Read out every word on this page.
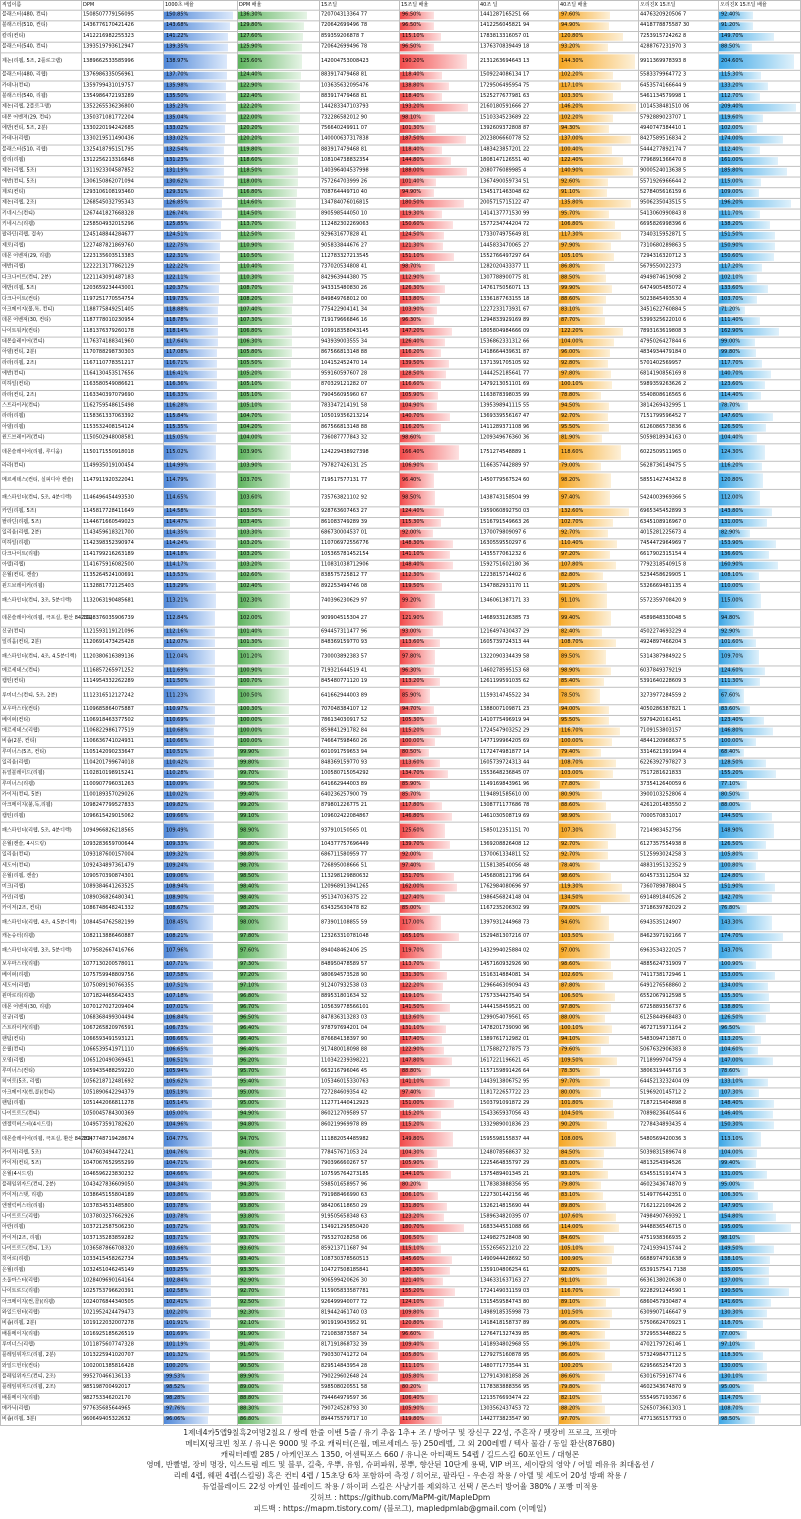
직업이름	DPM	1000초 배율	DPM 배율	15조딜	15조딜 배율	40조 딜	40조딜 배율	오리진X 15조딜	오리진X 15조딜 배율
블래스터(480, 컨티)	1508507779156095	150.85%	136.30%	720704313364 77	96.50%	1441287165251 66	97.60%	4476320920506 7	92.40%
블래스터(510, 컨티)	1436776170421426	143.68%	129.80%	720642699496 78	96.50%	1412256045821 94	94.90%	4418778875587 30	91.20%
칼리(컨티)	1412216982255323	141.22%	127.60%	859359206878 7	115.10%	1783813316057 01	120.80%	7253915724262 8	149.70%
블래스터(540, 컨티)	1393519793612947	139.35%	125.90%	720642699496 78	96.50%	1376370839449 18	93.20%	4288767231970 3	88.50%
제논(리웹, 5조, 2플로그램)	1389662533585996	138.97%	125.60%	142004753008423	190.20%	2131263694643 13	144.30%	9911369978393 8	204.60%
블래스터(480, 리웹)	1376986335056961	137.70%	124.40%	883917479468 81	118.40%	1509224086134 17	102.20%	5583379964772 3	115.30%
카데나(컨티)	1359799431019757	135.98%	122.90%	103635632095476	138.80%	1729506495954 75	117.10%	6453574166644 9	133.20%
블래스터(540, 리웹)	1354986472193289	135.50%	122.40%	883917479468 81	118.40%	1525277677981 63	103.30%	5461134579998 1	112.70%
제논(리웹, 2플로그램)	1352265536236800	135.23%	122.20%	144283347103793	193.20%	2160180591666 27	146.20%	1014538481510 06	209.40%
데몬 어벤져(29, 컨티)	1350371081772204	135.04%	122.00%	732286582012 90	98.10%	1510334523689 22	102.20%	5792889023707 1	119.60%
에반(컨티, 5조, 2분)	1330220194242685	133.02%	120.20%	756640249911 07	101.30%	1392609372808 87	94.30%	4940747384410 1	102.00%
카데나(리웹)	1330219511490436	133.02%	120.20%	140000637317838	187.50%	2023806660778 52	137.00%	8427589516834 2	174.00%
블래스터(510, 리웹)	1325418795151795	132.54%	119.80%	883917479468 81	118.40%	1483423857201 22	100.40%	5444277892174 7	112.40%
칼리(리웹)	1312256213316848	131.23%	118.60%	108104738832354	144.80%	1808147126551 40	122.40%	7796891366470 8	161.00%
제논(리웹, 5조)	1311923304587852	131.19%	118.50%	140396404537998	188.00%	2080776089985 4	140.90%	9000524013638 5	185.80%
에반(컨티, 5조)	1306150862071094	130.62%	118.00%	757264703999 26	101.40%	1367490059734 51	92.60%	5571926966644 2	115.00%
제로(컨티)	1293106108193460	129.31%	116.80%	708764449710 40	94.90%	1345171463048 62	91.10%	5278405616159 6	109.00%
제논(리웹, 2조)	1268545032795343	126.85%	114.60%	134784076016815	180.50%	2005715715122 47	135.80%	9506235043515 5	196.20%
키네시스(컨티)	1267441827668328	126.74%	114.50%	890598544050 10	119.30%	1414137771530 99	95.70%	5413060990843 8	111.70%
키네시스(리웹)	1258504932015296	125.85%	113.70%	112482302269063	150.60%	1577234744204 72	106.80%	6695826998396 6	138.20%
팔라딘(리웹, 결속)	1245148844284677	124.51%	112.50%	929631677828 41	124.50%	1733074975649 81	117.30%	7340315952871 5	151.50%
제로(리웹)	1227487821869760	122.75%	110.90%	905833844676 27	121.30%	1445833470065 27	97.90%	7310680289863 5	150.90%
데몬 어벤져(29, 리웹)	1223135603513383	122.31%	110.50%	112783327213545	151.10%	1552766497297 64	105.10%	7294316320712 3	150.60%
에반(리웹)	1222213177862129	122.22%	110.40%	737020534808 41	98.70%	1282020433377 11	86.80%	5679550022373	117.20%
다크나이트(컨티, 2분)	1221143091487183	122.11%	110.30%	842963944380 75	112.90%	1307788900775 81	88.50%	4949874619098 2	102.10%
에반(리웹, 5조)	1203659234443001	120.37%	108.70%	943315480830 26	126.30%	1476175056071 13	99.90%	6474905485072 4	133.60%
다크나이트(컨티)	1197251770554754	119.73%	108.20%	849849768012 00	113.80%	1336187763155 18	88.60%	5023845493530 4	103.70%
아크메이지(불,독, 컨티)	1188775849251405	118.88%	107.40%	775422904141 34	103.90%	1227233173931 67	83.10%	3451622760884 5	71.20%
데몬 어벤져(30, 컨티)	1187778010230954	118.78%	107.30%	719179666846 16	96.30%	1294833929169 89	87.70%	5399325622010 6	111.40%
나이트워커(컨티)	1181376379260178	118.14%	106.80%	109918358043145	147.20%	1805804984666 09	122.20%	7893163619808 3	162.90%
데몬슬레이어(컨티)	1176374188341960	117.64%	106.30%	943939003555 34	126.40%	1536862331312 66	104.00%	4795026427844 6	99.00%
아델(컨티, 2분)	1170788298730303	117.08%	105.80%	867566813148 88	116.20%	1418664439631 87	96.00%	4834934479184 0	99.80%
라라(리웹, 2조)	1167110778351217	116.71%	105.50%	104152452470 14	139.50%	1371391705105 92	92.80%	5701402569957	117.70%
에반(컨티)	1164130453517656	116.41%	105.20%	959160597607 28	128.50%	1444252185641 77	97.80%	6814190856169 8	140.70%
미하일(컨티)	1163580549086621	116.36%	105.10%	870329121282 07	116.60%	1479213051101 69	100.10%	5989359263626 2	123.60%
라라(컨티, 2조)	1163340397079690	116.33%	105.10%	790456095960 67	105.90%	1163878398035 99	78.80%	5540808616565 6	114.40%
스트라이커(컨티)	1162759548615498	116.28%	105.10%	783347214191 58	104.90%	1395398941115 55	94.50%	3814269432995 1	78.70%
라라(리웹)	1158361337063392	115.84%	104.70%	105019356213214	140.70%	1369339556167 47	92.70%	7151799596452 7	147.60%
아델(리웹)	1153532408154124	115.35%	104.20%	867566813148 88	116.20%	1411289371108 96	95.50%	6126086573836 6	126.50%
윈드브레이커(컨티)	1150502948008581	115.05%	104.00%	736087777843 32	98.60%	1209349676360 36	81.90%	5059818934163 0	104.40%
데몬슬레이어(리웹, 루디움)	1150171550918018	115.02%	103.90%	124229438927398	166.40%	1751274548889 1	118.60%	6022509511965 0	124.30%
라라(컨티)	1149935019100454	114.99%	103.90%	797827426131 25	106.90%	1166357442889 97	79.00%	5628736149475 5	116.20%
메르세데스(컨티, 실피디아 켄슬)	1147911920322041	114.79%	103.70%	719517577131 77	96.40%	1450779567524 60	98.20%	5855142743432 8	120.80%
패스파인더(컨티, 5조, 4분디렉)	1146496454493530	114.65%	103.60%	735763821102 92	98.50%	1438743158504 99	97.40%	5424003969366 5	112.00%
카인(리웹, 5조)	1145817728411649	114.58%	103.50%	928763607463 27	124.40%	1959060892750 03	132.60%	6965345452899 3	143.80%
팔라딘(리웹, 5조)	1144671660549023	114.47%	103.40%	861083749289 39	115.30%	1516791549663 26	102.70%	6345108916967 0	131.00%
일리움(리웹, 2분)	1143459618321700	114.35%	103.30%	686730004537 01	92.00%	1370079809097 6	92.70%	4015281225673 4	82.90%
미하일(리웹)	1142398352390974	114.24%	103.20%	110706972556776	148.30%	1630559550297 6	110.40%	7454472964969 7	153.90%
다크나이트(리웹)	1141799216263189	114.18%	103.20%	105365781452154	141.10%	1435577061232 6	97.20%	6617902315154 4	136.60%
아델(리웹)	1141675916082500	114.17%	103.20%	110831038712906	148.40%	1592751602180 36	107.80%	7792318540915 8	160.90%
은월(컨티, 캔슬)	1135264524100691	113.53%	102.60%	838575725812 77	112.30%	1223815714402 6	82.80%	5234458629905 1	108.10%
윈드브레이커(리웹)	1132881772125403	113.29%	102.40%	892253494746 08	119.50%	1347882931170 11	91.20%	5326669481135 4	110.00%
패스파인더(컨티, 3조, 5분디렉)	1132063190485681	113.21%	102.30%	740396230629 97	99.20%	1346061387171 33	91.10%	5572359708420 9	115.00%
데몬슬레이어(리웹, 극포실, 환산 84239)	1128376035906739	112.84%	102.00%	909904515304 27	121.90%	1468933126385 73	99.40%	4589848330048 5	94.80%
신궁(컨티)	1121593119121096	112.16%	101.40%	694457311477 96	93.00%	1216497430437 29	82.40%	4502274693229 4	92.90%
일리움(컨티, 2분)	1120691473425428	112.07%	101.30%	848369159770 93	113.60%	1605739724313 44	108.70%	4924897466204 3	101.60%
패스파인더(컨티, 4조, 4.5분디렉)	1120380616389136	112.04%	101.20%	730003892383 57	97.80%	1322090334439 58	89.50%	5314387984922 5	109.70%
메르세데스(컨티)	1116857265971252	111.69%	100.90%	719321644519 41	96.30%	1460278595153 68	98.90%	6037849379219	124.60%
캡틴(컨티)	1114954332262289	111.50%	100.70%	845480771120 19	113.20%	1261199591035 62	85.40%	5391640228609 3	111.30%
루미너스(컨티, 5조, 2분)	1112316512127242	111.23%	100.50%	641662944003 89	85.90%	1159314745522 34	78.50%	3273977284559 2	67.60%
보우마스터(컨티)	1109685864075887	110.97%	100.30%	707048384107 12	94.70%	1388007109871 23	94.00%	4050286387821 1	83.60%
베이퍼(컨티)	1106918463377502	110.69%	100.00%	786134030917 52	105.30%	1410775496919 94	95.50%	5979420161451	123.40%
메르세데스(리웹)	1106822986177519	110.68%	100.00%	859841291782 84	115.20%	1724547903252 29	116.70%	7109153803157	146.80%
비숍(2분, 컨티)	1106636741024931	110.66%	100.00%	746647598460 26	100.00%	1477199964205 69	100.00%	4844120968637 5	100.00%
루미너스(5조, 컨티)	1105142090233647	110.51%	99.90%	601091759653 94	80.50%	1172474981877 14	79.40%	3314621391994 4	68.40%
일리움(리웹)	1104201799674018	110.42%	99.80%	848369159770 93	113.60%	1605739724313 44	108.70%	6226392797827 3	128.50%
듀얼블레이드(리웹)	1102810198915241	110.28%	99.70%	100580715054292	134.70%	1553648236845 07	103.00%	7517281621833	155.20%
루미너스(리웹)	1100907796031263	110.09%	99.50%	641662944003 89	85.90%	1149169843961 96	77.80%	3735412640059 6	77.10%
카이저(컨티, 5분)	1100189357029026	110.02%	99.40%	640236257900 79	85.70%	1194891585610 00	80.90%	3900103252806 4	80.50%
아크메이지(불,독,리웹)	1098247799527833	109.82%	99.20%	879801226775 21	117.80%	1308771177686 78	88.60%	4261201483550 2	88.00%
캡틴(리웹)	1096615429015062	109.66%	99.10%	109602422084867	146.80%	1461030508719 69	98.90%	7000570831017	144.50%
패스파인더(리웹, 5조, 4분디렉)	1094966826218565	109.49%	98.90%	937910150565 01	125.60%	1585012351151 70	107.30%	7214983452756	148.90%
은월(캔슬, 4시드링)	1093283659700644	109.33%	98.80%	104377757696449	139.70%	1369208826408 12	92.70%	6127357554938 8	126.50%
일리움(컨티)	1093187600157004	109.32%	98.80%	686711580959 77	92.00%	1370061334811 52	92.70%	5125993024258 3	105.80%
세도어(컨티)	1092434897361479	109.24%	98.70%	726895008666 51	97.40%	1158138540056 48	78.40%	4883195132352 9	100.80%
은월(리웹, 캔슬)	1090570390874301	109.06%	98.50%	113298129880632	151.70%	1456808121796 64	98.60%	6045733112504 32	124.80%
미크(리웹)	1089384641263525	108.94%	98.40%	120968913941265	162.00%	1762984080696 97	119.30%	7360789878804 5	151.90%
카인(리웹)	1089036826480341	108.90%	98.40%	951347036375 22	127.40%	1986456824148 04	134.50%	6914891840526 2	142.70%
카이저(2조, 컨티)	1086748648241332	108.67%	98.20%	634325630478 82	85.00%	1167235206302 99	79.00%	3718639782029 2	76.80%
패스파인더(리웹, 4조, 4.5분디렉)	1084454762582199	108.45%	98.00%	873901108855 59	117.00%	1397931244968 73	94.60%	6943535124907	143.30%
캐논슈터(리웹)	1082113886460887	108.21%	97.80%	123263310781048	165.10%	1529481307216 07	103.50%	8462397192166 7	174.70%
패스파인더(리웹, 3조, 5분디렉)	1079582667416766	107.96%	97.60%	894048462406 25	119.70%	1432994025884 02	97.00%	6963534322025 7	143.70%
보우마스터(리웹)	1077130200578011	107.71%	97.30%	848950478589 57	113.70%	1457160932926 90	98.60%	4885624731909 7	100.90%
베이퍼(리웹)	1075759948809756	107.58%	97.20%	980694573528 90	131.30%	1516314884081 34	102.60%	7411738172946 1	153.00%
세도어(리웹)	1075089190766355	107.51%	97.10%	912407932538 03	122.20%	1296646309094 43	87.80%	6491276568860 2	134.00%
윈마로리(리웹)	1071824465642433	107.18%	96.80%	889531801634 32	119.10%	1757334427540 54	106.50%	6552067912598 5	135.30%
데몬 어벤져(30, 리웹)	1070127027209404	107.01%	96.70%	105639778566101	141.50%	1444158459521 00	97.80%	6725889356737 6	138.80%
신궁(리웹)	1068368499304494	106.84%	96.50%	847836313283 03	113.60%	1299054079561 65	88.00%	6125844968483 0	126.50%
스트라이커(리웹)	1067265820976591	106.73%	96.40%	978797694201 04	131.10%	1478201739090 96	100.10%	4672715971164 2	96.50%
팬텀(컨티)	1066593491593121	106.66%	96.40%	876684138397 90	117.40%	1389761712982 01	94.10%	5483094713871 0	113.20%
은월(컨티)	1066539541971110	106.65%	96.40%	917480018098 88	122.90%	1175882727875 73	79.60%	5067632906383 8	104.60%
모영(리웹)	1065120490369451	106.51%	96.20%	110342239398221	147.80%	1617221196621 45	109.50%	7118999704759 4	147.00%
루미너스(컨티)	1059435488259220	105.94%	95.70%	663216796046 45	88.80%	1157159891426 64	78.30%	3806319445716 3	78.60%
히어로(5조, 리웹)	1056218712481692	105.62%	95.40%	105346015330763	141.10%	1443913806752 95	97.70%	6445213232404 09	133.10%
아크메이지(썬,콜)(컨티)	1051890642294379	105.19%	95.00%	727284609354 42	97.40%	1181722657722 23	80.00%	5196920145712 2	107.30%
팬텀(리웹)	1051442066811278	105.14%	95.00%	112771440412923	151.00%	1503791091872 29	101.80%	7187215404898 8	148.40%
나이트로드(컨티)	1050045784300369	105.00%	94.90%	860212709589 57	115.20%	1543365937056 43	104.50%	7089823640544 6	146.40%
엔젤릭버스터(4시드링)	1049573591782620	104.96%	94.80%	860219969978 89	115.20%	1332989001836 23	90.20%	7278434893435 4	150.30%
데몬슬레이어(리웹, 극포실, 환산 84282)	1047748719428674	104.77%	94.70%	111882054485982	149.80%	1595598155837 44	108.00%	5480569420036 3	113.10%
카이저(리웹, 5조)	1047603494472241	104.76%	94.70%	778457671053 24	104.30%	1248078568637 32	84.50%	5039831589674 8	104.00%
카이저(컨티, 5조)	1047067652955299	104.71%	94.60%	790396660267 57	105.90%	1225464835797 29	83.00%	4813254394526	99.40%
온월(4시드링)	1046596223830232	104.66%	94.60%	107595764273185	144.10%	1375489401345 21	93.10%	6345515191474 3	131.00%
플레임위자드(컨티, 2분)	1043427836609050	104.34%	94.30%	598501658957 96	80.20%	1178383888356 95	79.80%	4602343674870 9	95.00%
카이저(스탯, 리웹)	1038645155804189	103.86%	93.80%	791988466990 63	106.10%	1227301442156 46	83.10%	5149776442351 0	106.30%
엔젤릭버스터(리웹)	1037834531485800	103.78%	93.80%	984206118650 29	131.80%	1326214815690 44	89.80%	7162122109426 2	147.90%
나이트로드(리웹)	1037803257662926	103.78%	93.80%	919505658348 63	123.20%	1589634820395 07	107.60%	7498490769392 1	154.80%
아란(리웹)	1037212587506230	103.72%	93.70%	134921295850420	180.70%	1683344551088 66	114.00%	9448836546715 0	195.00%
카이저(2조, 리웹)	1037135283859282	103.71%	93.70%	795327028258 06	106.50%	1249827528408 90	84.60%	4751938366935 2	98.10%
나이트로드(컨티, 1조)	1036587866708320	103.66%	93.60%	859213711687 94	115.10%	1552656521210 22	105.10%	7241939415744 2	149.50%
히어로(리웹)	1033415458262734	103.34%	93.40%	108730378560513	145.60%	1490944428692 50	100.90%	6688974791638 9	138.10%
은월(리웹)	1032451046245149	103.25%	93.30%	104727508185841	140.30%	1359104806254 61	92.00%	6539157541 7138	135.00%
소울마스터(리웹)	1028409690164164	102.84%	92.90%	906599420626 30	121.40%	1346331637163 27	91.10%	6636138020638 0	137.00%
나이트로드(리웹)	1025753796620391	102.58%	92.70%	115905833587781	155.20%	1724149031159 03	116.70%	9228291244590 1	190.50%
아크메이지(썬,콜)(리웹)	1024076844340505	102.41%	92.50%	926499940077 72	124.10%	1315459584743 80	89.10%	6860457930487 4	141.60%
와일드헌터(리웹)	1021952424479473	102.20%	92.30%	819442461740 03	109.80%	1498918535998 73	101.50%	6309907146647 9	130.30%
비숍(리웹, 2분)	1019122032007278	101.91%	92.10%	901919043952 91	120.80%	1418418158737 89	96.00%	5750662470923 1	118.70%
배틀메이지(리웹)	1016925185626519	101.69%	91.90%	721083873587 34	96.60%	1276471327439 85	86.40%	3729553448822 5	77.00%
루미너스(리웹)	1011875607747328	101.19%	91.40%	817191868732 39	109.40%	1418934802968 55	96.10%	4702179726146 1	97.10%
플레임위자드(리웹, 2분)	1013225941020707	101.32%	91.50%	790330741272 04	105.80%	1279275160878 95	86.60%	5732498477112 5	118.30%
와일드헌터(컨티)	1002001385816428	100.20%	90.50%	829514843954 28	111.10%	1480771773544 31	100.20%	6295665254720 3	130.00%
플레임위자드(컨티, 2조)	995270466136133	99.53%	89.90%	790229602648 24	105.80%	1279143081858 26	86.60%	6301675916774 6	130.10%
플레임위자드(리웹, 2조)	985198700492017	98.52%	89.00%	598508020551 58	80.20%	1178383888356 95	79.80%	4602343674870 9	95.00%
배틀메이지(리웹)	982753346202170	98.28%	88.80%	794464979597 36	106.40%	1213576693474 22	82.10%	5554957193367 6	114.70%
메카닉(리웹)	977635685644965	97.76%	88.30%	790724528793 30	105.90%	1303562437453 72	88.20%	5265073661303 1	108.70%
비숍(리웹, 3분)	960649405322632	96.06%	86.80%	894475579717 10	119.80%	1442773823547 90	97.70%	4771365157793 0	98.50%
1제네4카5앱9칠흑2여명2칠요 / 쌍레 한줄 이벤 5줄 / 유기 추옵 1추+ 조 / 방어구 및 장신구 22성, 주흔작 / 펫장비 프로크, 프렛마
메티X(링크빈 칭포 / 유니온 9000 및 주요 캐릭터(은월, 메르세데스 등) 250레벨, 그 외 200레벨 / 텍사 물감 / 동일 환산(87680)
캐릭터레벨 285 / 아케인포스 1350, 어센틱포스 660 / 유니온 아티팩트 54렙 / 길드스킬 60포인트 / 대형몬
영메, 반빨별, 장비 명장, 익스트림 레드 및 블루, 길축, 우뿌, 유힘, 슈퍼파워, 봉뿌, 향산된 10단계 용택, VIP 버프, 세이람의 영약 / 어빌 레유유 최대옵션 /
리레 4렙, 웨펀 4렙(스킬링) 혹은 컨티 4렙 / 15초당 6차 포함하여 측정 / 히어로, 팔라딘 - 우손검 착용 / 아델 및 세도어 20성 방패 착용 /
듀얼블레이드 22성 아케인 블레이드 착용 / 하이퍼 스킬은 사냥기를 제외하고 선택 / 몬스터 방어율 380% / 포빵 미적용
깃허브 : https://github.com/MaPM-git/MapleDpm
피드백 : https://mapm.tistory.com/ (블로그), mapledpmlab@gmail.com (이메일)
